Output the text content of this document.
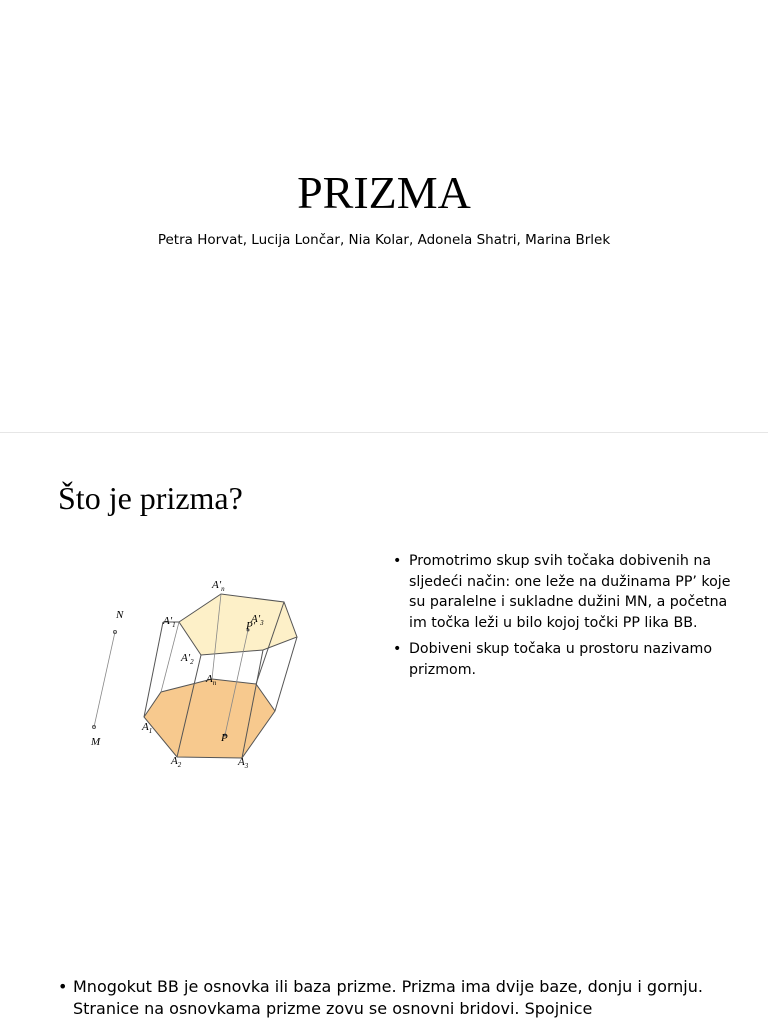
PRIZMA
Petra Horvat, Lucija Lončar, Nia Kolar, Adonela Shatri, Marina Brlek
Što je prizma?
N
M
$A_1$
$A_2$	$A_3$
$A_n$
P
$A'_1$
$A'_2$
$A'_3$
$A'_n$
P′
• Promotrimo skup svih točaka dobivenih na sljedeći način: one leže na dužinama PP’ koje su paralelne i sukladne dužini MN, a početna im točka leži u bilo kojoj točki PP lika BB.
• Dobiveni skup točaka u prostoru nazivamo prizmom.
• Mnogokut BB je osnovka ili baza prizme. Prizma ima dvije baze, donju i gornju. Stranice na osnovkama prizme zovu se osnovni bridovi. Spojnice
